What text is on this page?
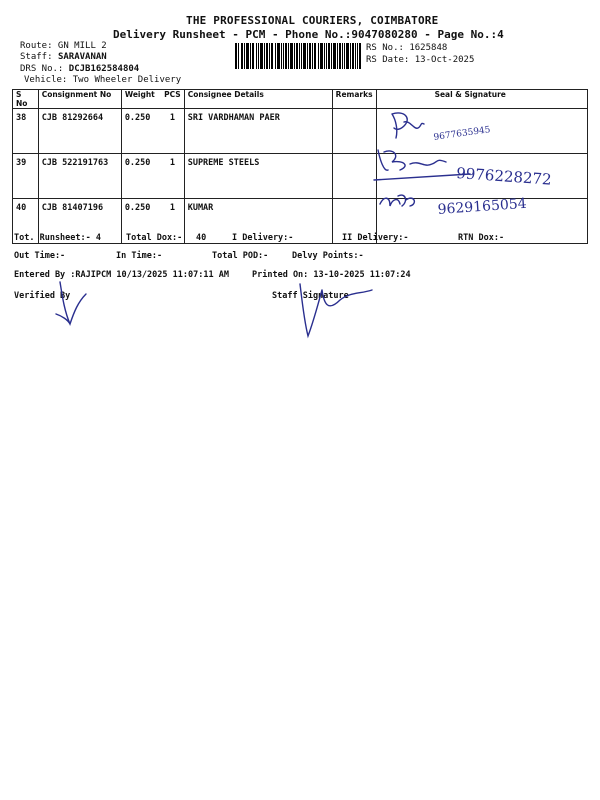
THE PROFESSIONAL COURIERS, COIMBATORE
Delivery Runsheet - PCM - Phone No.:9047080280 - Page No.:4
Route: GN MILL 2
Staff: SARAVANAN
DRS No.: DCJB162584804
Vehicle: Two Wheeler Delivery
RS No.: 1625848
RS Date: 13-Oct-2025
S No	Consignment No	Weight	PCS	Consignee Details	Remarks	Seal & Signature
38	CJB 81292664	0.250	1	SRI VARDHAMAN PAER		
39	CJB 522191763	0.250	1	SUPREME STEELS		
40	CJB 81407196	0.250	1	KUMAR		
9677635945
9976228272
9629165054
Tot. Runsheet:- 4	Total Dox:- 40	I Delivery:-	II Delivery:-	RTN Dox:-
Out Time:-	In Time:-	Total POD:-	Delvy Points:-
Entered By :RAJIPCM 10/13/2025 11:07:11 AM	Printed On: 13-10-2025 11:07:24
Verified By	Staff Signature
